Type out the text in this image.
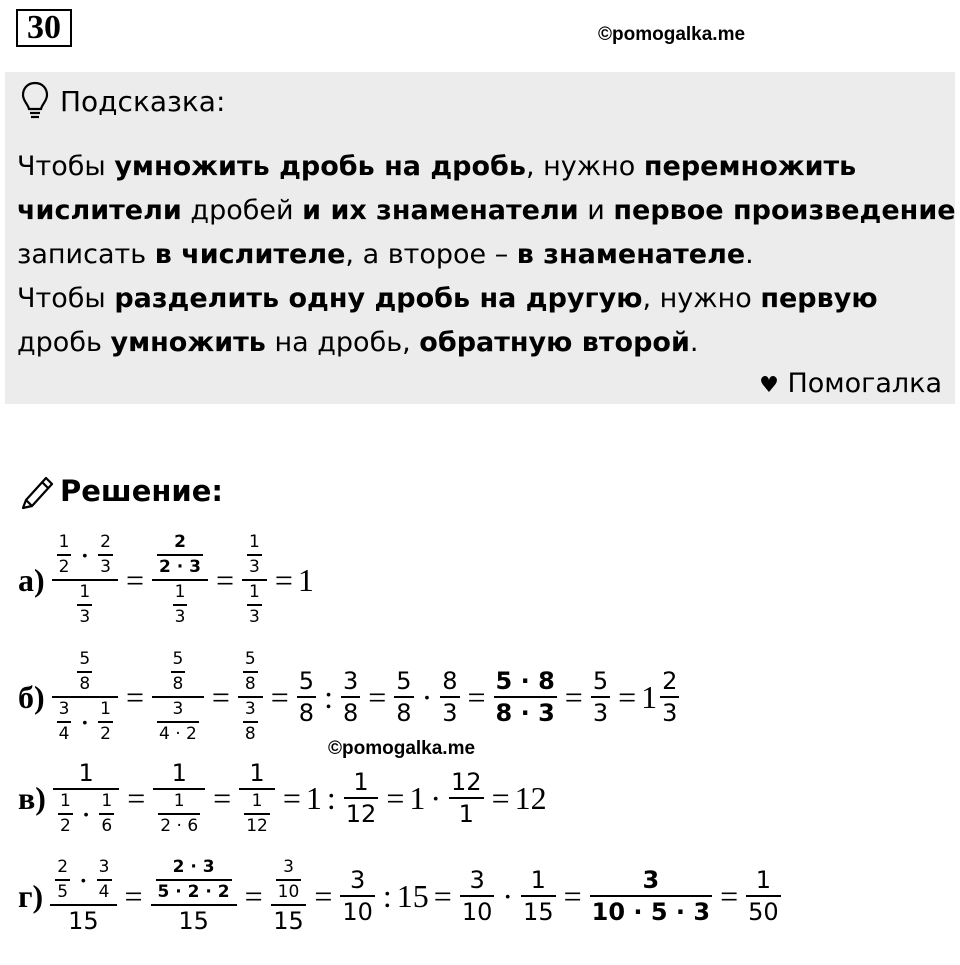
30	©pomogalka.me
Подсказка:
Чтобы умножить дробь на дробь, нужно перемножить
числители дробей и их знаменатели и первое произведение
записать в числителе, а второе – в знаменателе.
Чтобы разделить одну дробь на другую, нужно первую
дробь умножить на дробь, обратную второй.
♥ Помогалка
Решение:
$а) \frac{\frac{1}{2} \cdot \frac{2}{3}}{\frac{1}{3}} = \frac{\frac{2}{2 \cdot 3}}{\frac{1}{3}} = \frac{\frac{1}{3}}{\frac{1}{3}} = 1$
$б) \frac{\frac{5}{8}}{\frac{3}{4} \cdot \frac{1}{2}} = \frac{\frac{5}{8}}{\frac{3}{4 \cdot 2}} = \frac{\frac{5}{8}}{\frac{3}{8}} = \frac{5}{8}$ : $\frac{3}{8} = \frac{5}{8} \cdot \frac{8}{3} = \frac{5 \cdot 8}{8 \cdot 3} = \frac{5}{3} = 1 \frac{2}{3}$
©pomogalka.me
$в) \frac{1}{\frac{1}{2} \cdot \frac{1}{6}} = \frac{1}{\frac{1}{2 \cdot 6}} = \frac{1}{\frac{1}{12}} = 1$ : $\frac{1}{12} = 1 \cdot \frac{12}{1} = 12$
$г) \frac{\frac{2}{5} \cdot \frac{3}{4}}{15} = \frac{\frac{2 \cdot 3}{5 \cdot 2 \cdot 2}}{15} = \frac{\frac{3}{10}}{15} = \frac{3}{10}$ : $15 = \frac{3}{10} \cdot \frac{1}{15} = \frac{3}{10 \cdot 5 \cdot 3} = \frac{1}{50}$
